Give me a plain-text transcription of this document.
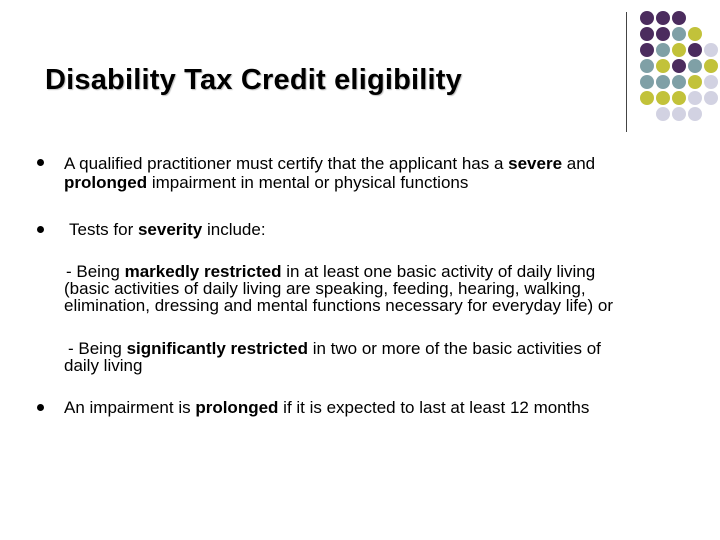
Disability Tax Credit eligibility
A qualified practitioner must certify that the applicant has a severe and
prolonged impairment in mental or physical functions
Tests for severity include:
- Being markedly restricted in at least one basic activity of daily living
(basic activities of daily living are speaking, feeding, hearing, walking,
elimination, dressing and mental functions necessary for everyday life) or
- Being significantly restricted in two or more of the basic activities of
daily living
An impairment is prolonged if it is expected to last at least 12 months
